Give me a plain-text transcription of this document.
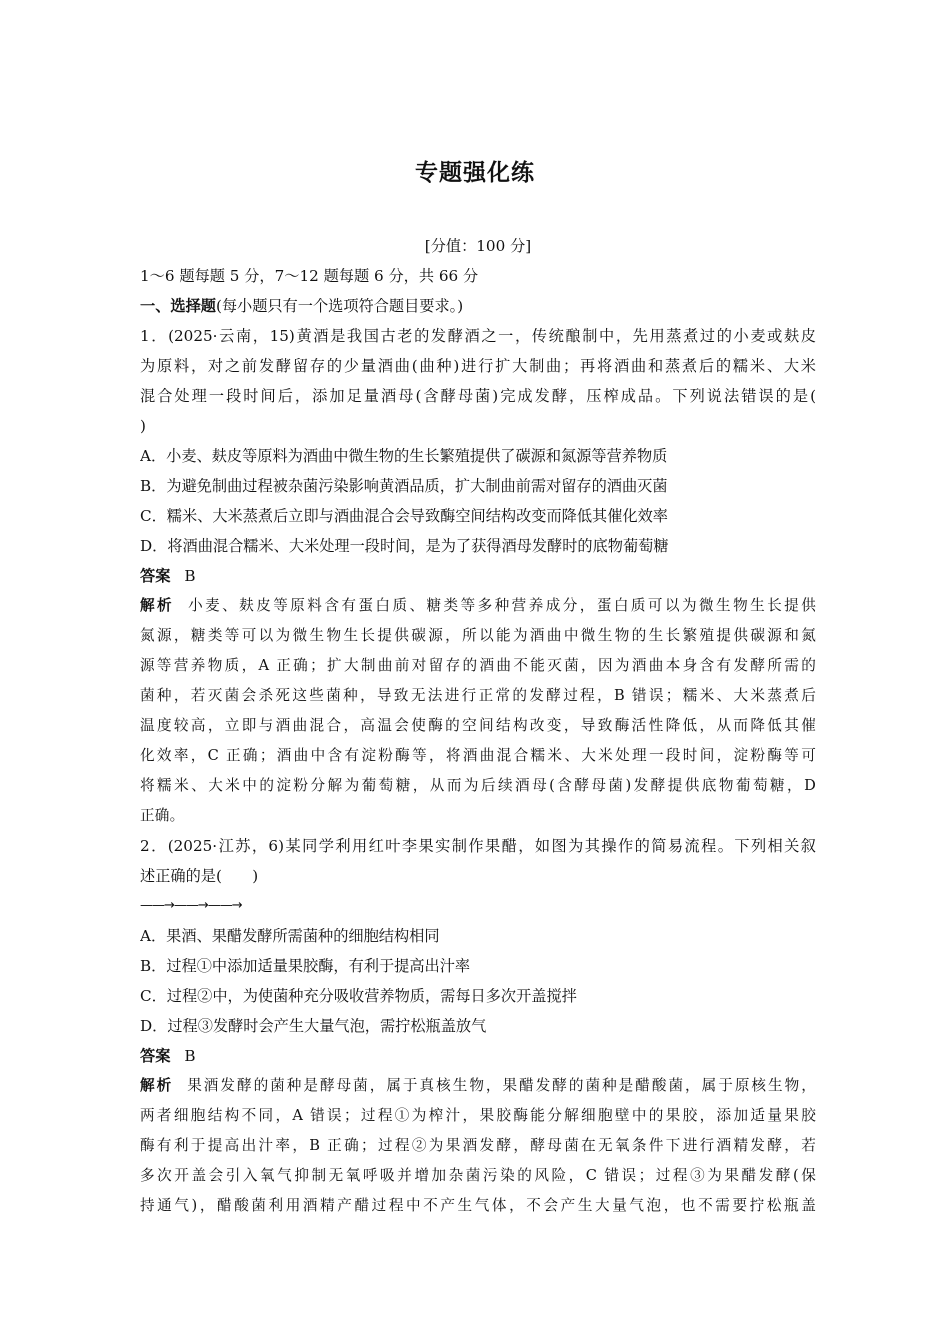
专题强化练
[分值：100 分]
1～6 题每题 5 分，7～12 题每题 6 分，共 66 分
一、选择题(每小题只有一个选项符合题目要求。)
1．(2025·云南，15)黄酒是我国古老的发酵酒之一，传统酿制中，先用蒸煮过的小麦或麸皮
为原料，对之前发酵留存的少量酒曲(曲种)进行扩大制曲；再将酒曲和蒸煮后的糯米、大米
混合处理一段时间后，添加足量酒母(含酵母菌)完成发酵，压榨成品。下列说法错误的是(
)
A．小麦、麸皮等原料为酒曲中微生物的生长繁殖提供了碳源和氮源等营养物质
B．为避免制曲过程被杂菌污染影响黄酒品质，扩大制曲前需对留存的酒曲灭菌
C．糯米、大米蒸煮后立即与酒曲混合会导致酶空间结构改变而降低其催化效率
D．将酒曲混合糯米、大米处理一段时间，是为了获得酒母发酵时的底物葡萄糖
答案 B
解析 小麦、麸皮等原料含有蛋白质、糖类等多种营养成分，蛋白质可以为微生物生长提供
氮源，糖类等可以为微生物生长提供碳源，所以能为酒曲中微生物的生长繁殖提供碳源和氮
源等营养物质，A 正确；扩大制曲前对留存的酒曲不能灭菌，因为酒曲本身含有发酵所需的
菌种，若灭菌会杀死这些菌种，导致无法进行正常的发酵过程，B 错误；糯米、大米蒸煮后
温度较高，立即与酒曲混合，高温会使酶的空间结构改变，导致酶活性降低，从而降低其催
化效率，C 正确；酒曲中含有淀粉酶等，将酒曲混合糯米、大米处理一段时间，淀粉酶等可
将糯米、大米中的淀粉分解为葡萄糖，从而为后续酒母(含酵母菌)发酵提供底物葡萄糖，D
正确。
2．(2025·江苏，6)某同学利用红叶李果实制作果醋，如图为其操作的简易流程。下列相关叙
述正确的是(　　)
——→——→——→
A．果酒、果醋发酵所需菌种的细胞结构相同
B．过程①中添加适量果胶酶，有利于提高出汁率
C．过程②中，为使菌种充分吸收营养物质，需每日多次开盖搅拌
D．过程③发酵时会产生大量气泡，需拧松瓶盖放气
答案 B
解析 果酒发酵的菌种是酵母菌，属于真核生物，果醋发酵的菌种是醋酸菌，属于原核生物，
两者细胞结构不同，A 错误；过程①为榨汁，果胶酶能分解细胞壁中的果胶，添加适量果胶
酶有利于提高出汁率，B 正确；过程②为果酒发酵，酵母菌在无氧条件下进行酒精发酵，若
多次开盖会引入氧气抑制无氧呼吸并增加杂菌污染的风险，C 错误；过程③为果醋发酵(保
持通气)，醋酸菌利用酒精产醋过程中不产生气体，不会产生大量气泡，也不需要拧松瓶盖
